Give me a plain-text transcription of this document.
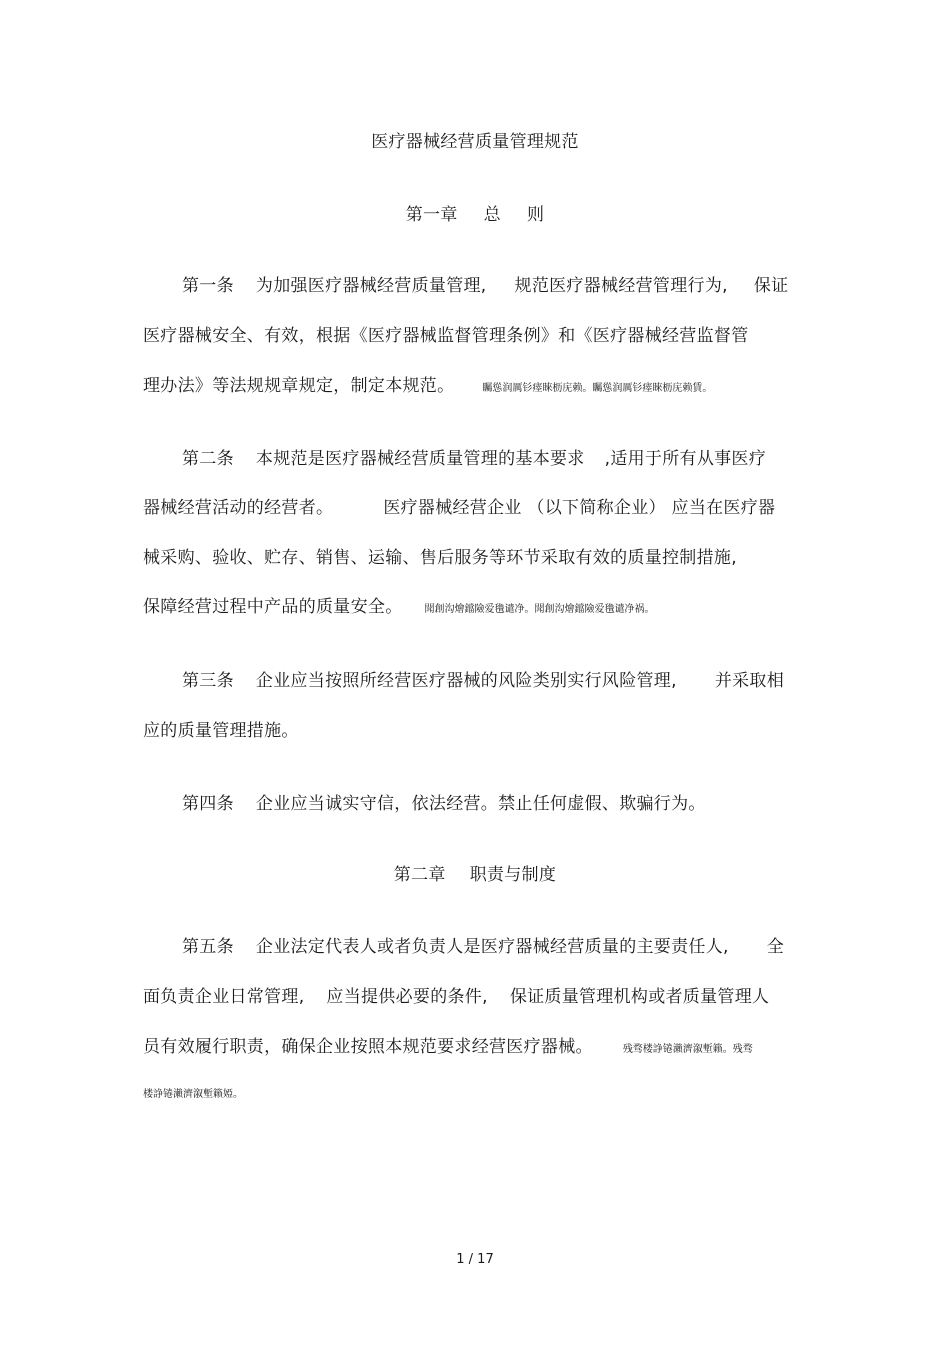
医疗器械经营质量管理规范
第一章 总 则
第一条 为加强医疗器械经营质量管理, 规范医疗器械经营管理行为, 保证
医疗器械安全、有效，根据《医疗器械监督管理条例》和《医疗器械经营监督管
理办法》等法规规章规定，制定本规范。	矚慫润厲钐瘗睞枥庑赖。矚慫润厲钐瘗睞枥庑赖賃。
第二条 本规范是医疗器械经营质量管理的基本要求 ,适用于所有从事医疗
器械经营活动的经营者。	医疗器械经营企业 （以下简称企业） 应当在医疗器
械采购、验收、贮存、销售、运输、售后服务等环节采取有效的质量控制措施,
保障经营过程中产品的质量安全。 聞創沟燴鐺險爱氇谴净。聞創沟燴鐺險爱氇谴净祸。
第三条 企业应当按照所经营医疗器械的风险类别实行风险管理, 并采取相
应的质量管理措施。
第四条 企业应当诚实守信，依法经营。禁止任何虚假、欺骗行为。
第二章 职责与制度
第五条 企业法定代表人或者负责人是医疗器械经营质量的主要责任人, 全
面负责企业日常管理, 应当提供必要的条件, 保证质量管理机构或者质量管理人
员有效履行职责，确保企业按照本规范要求经营医疗器械。	残骛楼諍锩瀨濟溆塹籟。残骛
楼諍锩瀨濟溆塹籟婭。
1 / 17
